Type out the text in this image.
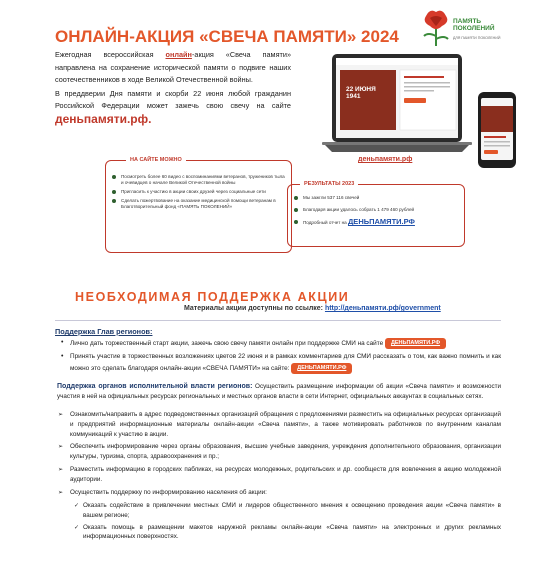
ОНЛАЙН-АКЦИЯ «СВЕЧА ПАМЯТИ» 2024
ПАМЯТЬ
ПОКОЛЕНИЙ
ДЛЯ ПАМЯТИ ПОКОЛЕНИЙ

Ежегодная всероссийская онлайн-акция «Свеча памяти» направлена на сохранение исторической памяти о подвиге наших соотечественников в ходе Великой Отечественной войны.

В преддверии Дня памяти и скорби 22 июня любой гражданин Российской Федерации может зажечь свою свечу на сайте деньпамяти.рф.

22 ИЮНЯ
1941
деньпамяти.рф
НА САЙТЕ МОЖНО
Посмотреть более 60 видео с воспоминаниями ветеранов, тружеников тыла и очевидцев о начале Великой Отечественной войны
Пригласить к участию в акции своих друзей через социальные сети
Сделать пожертвование на оказание медицинской помощи ветеранам в Благотворительный фонд «ПАМЯТЬ ПОКОЛЕНИЙ»
РЕЗУЛЬТАТЫ 2023
Мы зажгли 537 116 свечей
Благодаря акции удалось собрать 1 479 460 рублей
Подробный отчет на ДЕНЬПАМЯТИ.РФ
НЕОБХОДИМАЯ ПОДДЕРЖКА АКЦИИ
Материалы акции доступны по ссылке: http://деньпамяти.рф/government
Поддержка Глав регионов:
• Лично дать торжественный старт акции, зажечь свою свечу памяти онлайн при поддержке СМИ на сайте ДЕНЬПАМЯТИ.РФ
• Принять участие в торжественных возложениях цветов 22 июня и в рамках комментариев для СМИ рассказать о том, как важно помнить и как можно это сделать благодаря онлайн-акции «СВЕЧА ПАМЯТИ» на сайте: ДЕНЬПАМЯТИ.РФ
Поддержка органов исполнительной власти регионов: Осуществить размещение информации об акции «Свеча памяти» и возможности участия в ней на официальных ресурсах региональных и местных органов власти в сети Интернет, официальных аккаунтах в социальных сетях.
➢ Ознакомить/направить в адрес подведомственных организаций обращения с предложениями разместить на официальных ресурсах организаций и предприятий информационные материалы онлайн-акции «Свеча памяти», а также мотивировать работников по внутренним каналам коммуникаций к участию в акции.
➢ Обеспечить информирование через органы образования, высшие учебные заведения, учреждения дополнительного образования, организации культуры, туризма, спорта, здравоохранения и пр.;
➢ Разместить информацию в городских пабликах, на ресурсах молодежных, родительских и др. сообществ для вовлечения в акцию молодежной аудитории.
➢ Осуществить поддержку по информированию населения об акции:
✓ Оказать содействие в привлечении местных СМИ и лидеров общественного мнения к освещению проведения акции «Свеча памяти» в вашем регионе;
✓ Оказать помощь в размещении макетов наружной рекламы онлайн-акции «Свеча памяти» на электронных и других рекламных информационных поверхностях.
